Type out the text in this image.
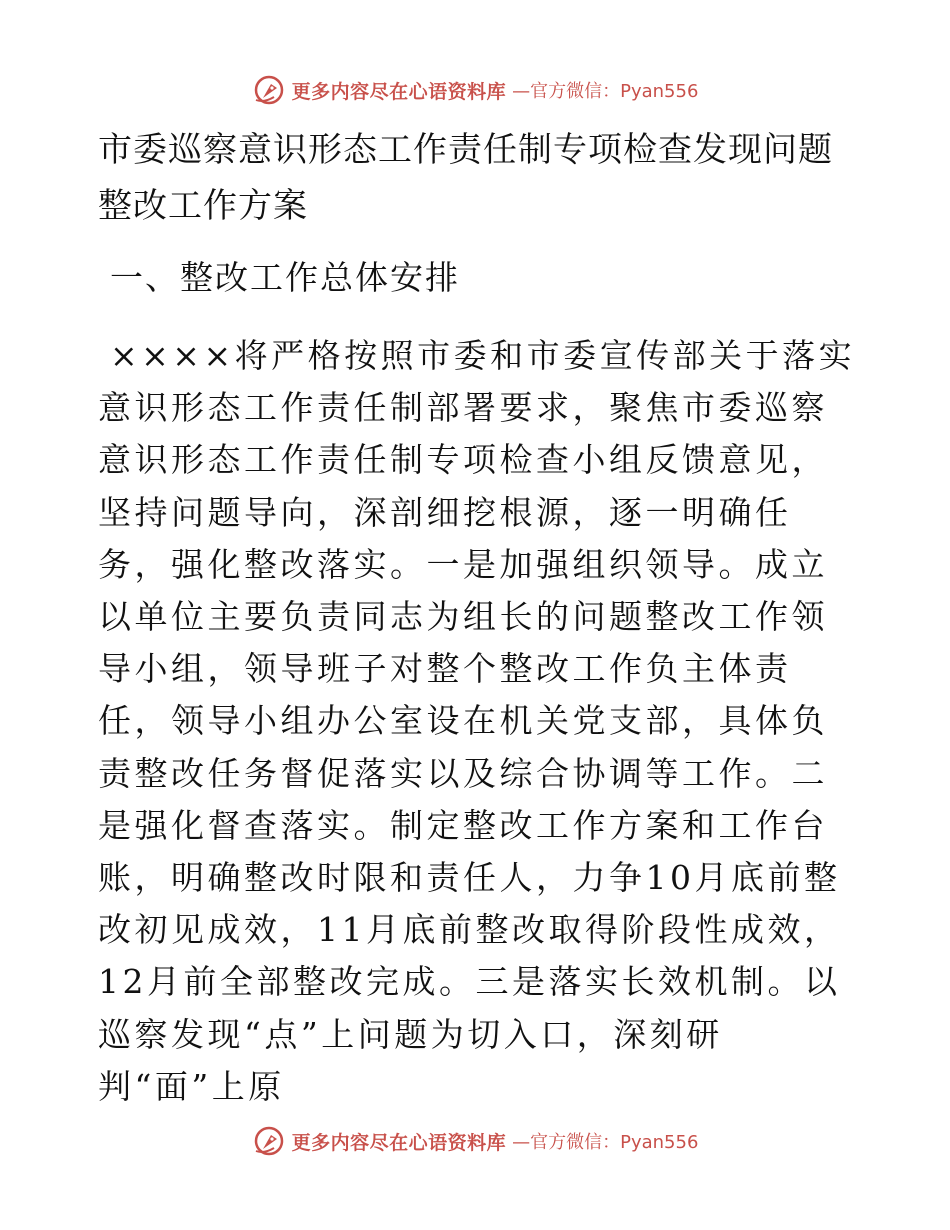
更多内容尽在心语资料库 —官方微信：Pyan556
市委巡察意识形态工作责任制专项检查发现问题整改工作方案
一、整改工作总体安排

××××将严格按照市委和市委宣传部关于落实意识形态工作责任制部署要求，聚焦市委巡察意识形态工作责任制专项检查小组反馈意见，坚持问题导向，深剖细挖根源，逐一明确任务，强化整改落实。一是加强组织领导。成立以单位主要负责同志为组长的问题整改工作领导小组，领导班子对整个整改工作负主体责任，领导小组办公室设在机关党支部，具体负责整改任务督促落实以及综合协调等工作。二是强化督查落实。制定整改工作方案和工作台账，明确整改时限和责任人，力争10月底前整改初见成效，11月底前整改取得阶段性成效，12月前全部整改完成。三是落实长效机制。以巡察发现“点”上问题为切入口，深刻研判“面”上原

更多内容尽在心语资料库 —官方微信：Pyan556
